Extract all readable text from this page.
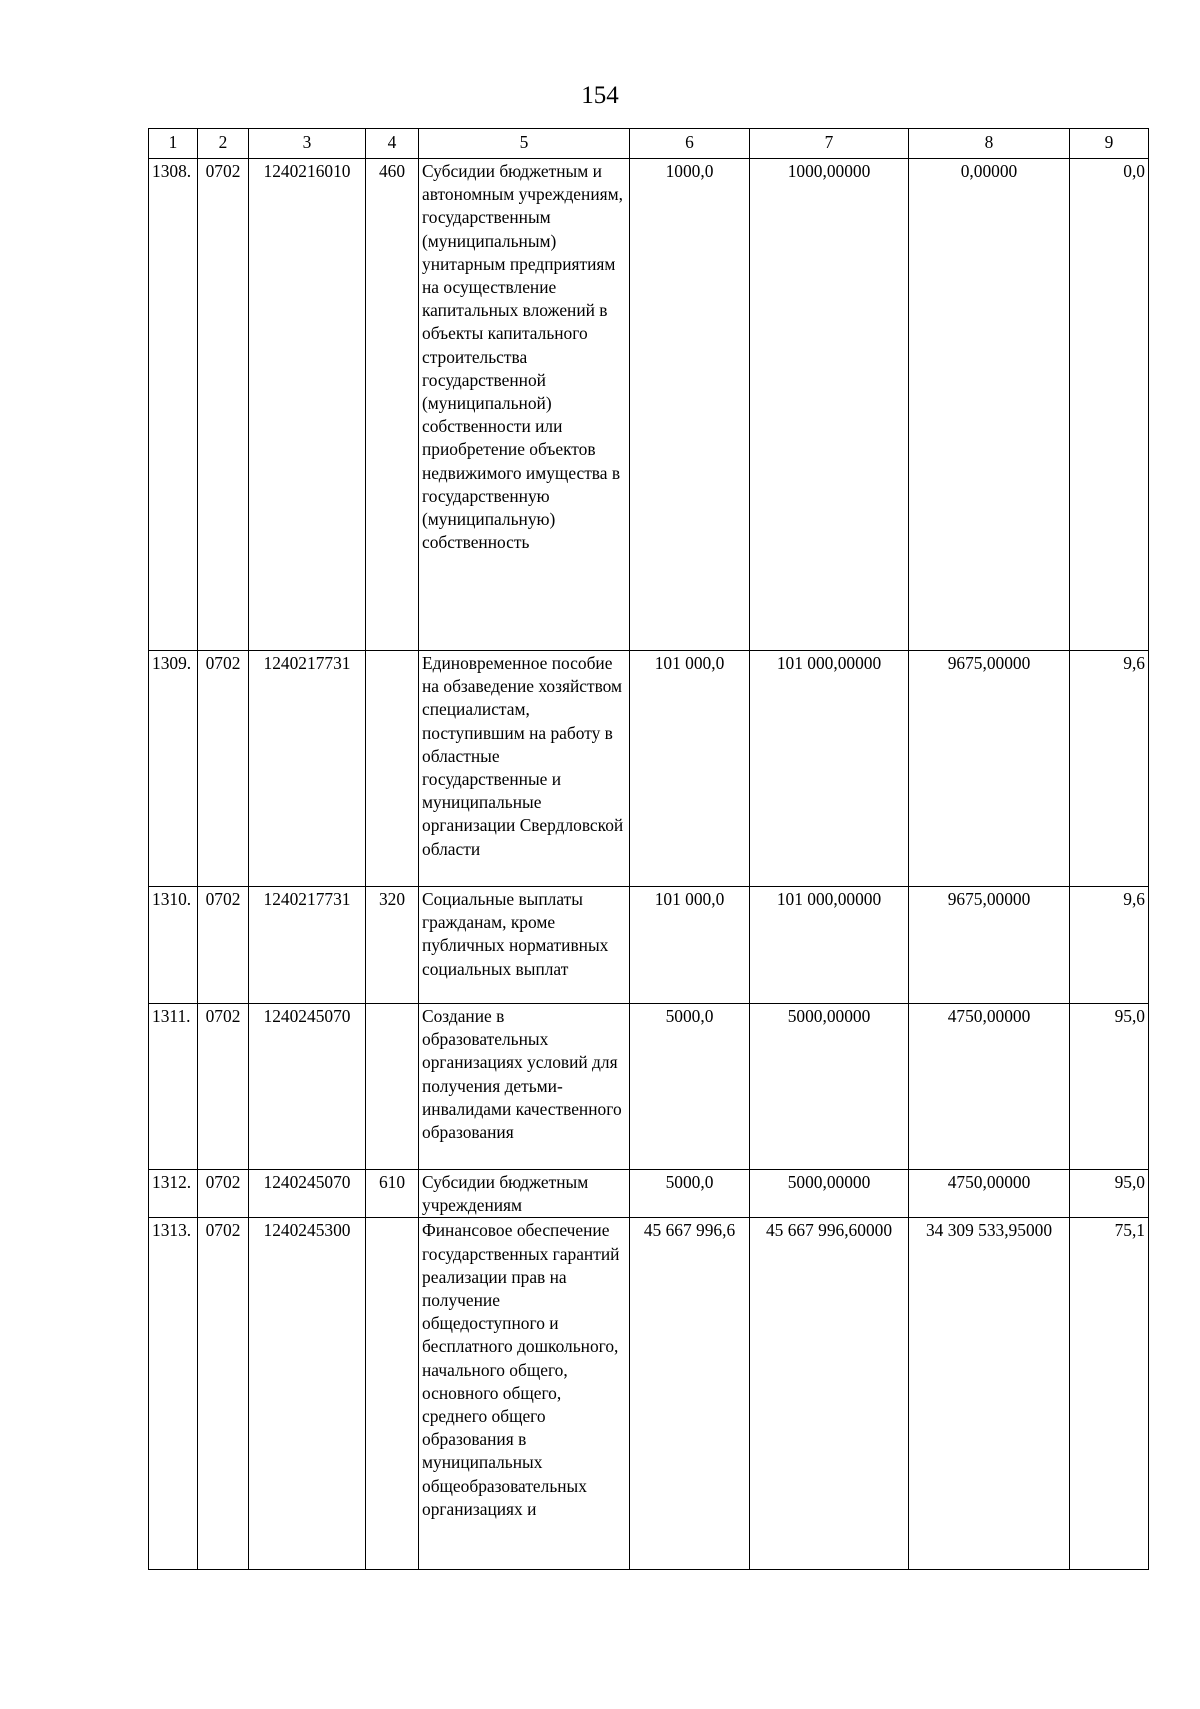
154
1	2	3	4	5	6	7	8	9
1308.	0702	1240216010	460	Субсидии бюджетным и автономным учреждениям, государственным (муниципальным) унитарным предприятиям на осуществление капитальных вложений в объекты капитального строительства государственной (муниципальной) собственности или приобретение объектов недвижимого имущества в государственную (муниципальную) собственность	1000,0	1000,00000	0,00000	0,0
1309.	0702	1240217731		Единовременное пособие на обзаведение хозяйством специалистам, поступившим на работу в областные государственные и муниципальные организации Свердловской области	101 000,0	101 000,00000	9675,00000	9,6
1310.	0702	1240217731	320	Социальные выплаты гражданам, кроме публичных нормативных социальных выплат	101 000,0	101 000,00000	9675,00000	9,6
1311.	0702	1240245070		Создание в образовательных организациях условий для получения детьми-инвалидами качественного образования	5000,0	5000,00000	4750,00000	95,0
1312.	0702	1240245070	610	Субсидии бюджетным учреждениям	5000,0	5000,00000	4750,00000	95,0
1313.	0702	1240245300		Финансовое обеспечение государственных гарантий реализации прав на получение общедоступного и бесплатного дошкольного, начального общего, основного общего, среднего общего образования в муниципальных общеобразовательных организациях и	45 667 996,6	45 667 996,60000	34 309 533,95000	75,1
